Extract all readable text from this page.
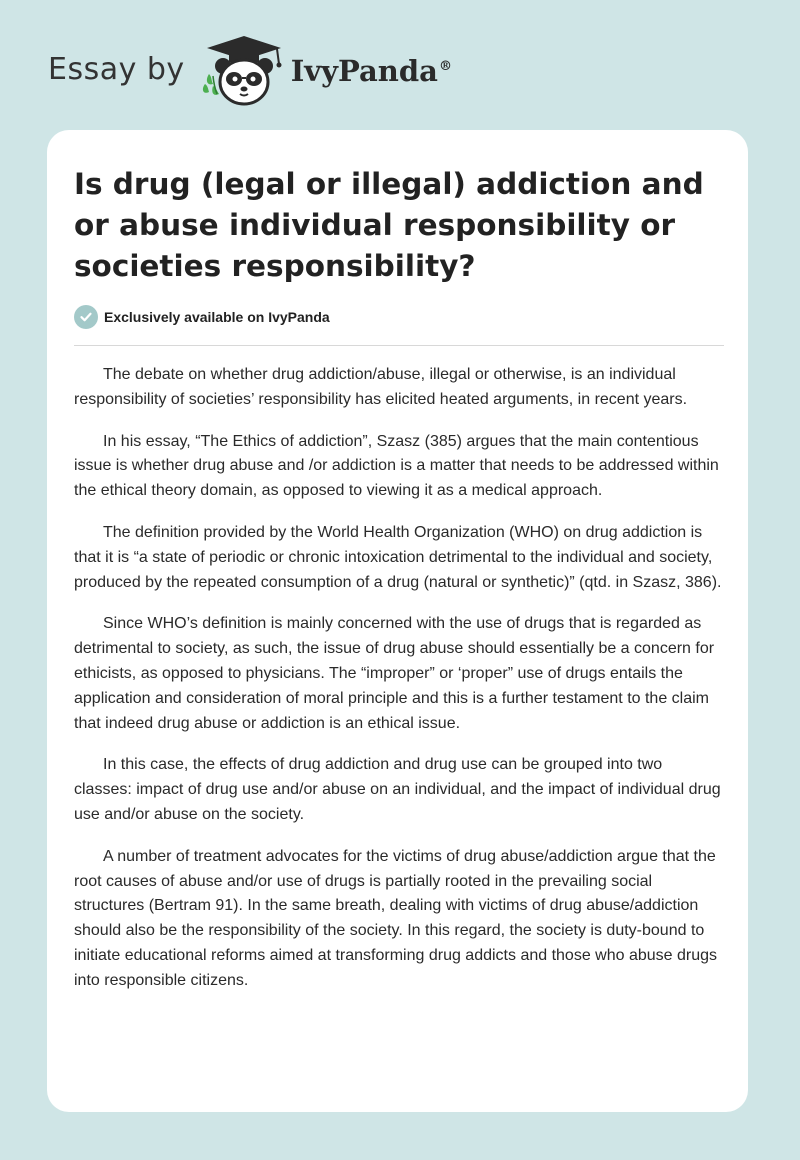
Essay by	IvyPanda®
Is drug (legal or illegal) addiction and or abuse individual responsibility or societies responsibility?
Exclusively available on IvyPanda

The debate on whether drug addiction/abuse, illegal or otherwise, is an individual responsibility of societies’ responsibility has elicited heated arguments, in recent years.

In his essay, “The Ethics of addiction”, Szasz (385) argues that the main contentious issue is whether drug abuse and /or addiction is a matter that needs to be addressed within the ethical theory domain, as opposed to viewing it as a medical approach.

The definition provided by the World Health Organization (WHO) on drug addiction is that it is “a state of periodic or chronic intoxication detrimental to the individual and society, produced by the repeated consumption of a drug (natural or synthetic)” (qtd. in Szasz, 386).

Since WHO’s definition is mainly concerned with the use of drugs that is regarded as detrimental to society, as such, the issue of drug abuse should essentially be a concern for ethicists, as opposed to physicians. The “improper” or ‘proper” use of drugs entails the application and consideration of moral principle and this is a further testament to the claim that indeed drug abuse or addiction is an ethical issue.

In this case, the effects of drug addiction and drug use can be grouped into two classes: impact of drug use and/or abuse on an individual, and the impact of individual drug use and/or abuse on the society.

A number of treatment advocates for the victims of drug abuse/addiction argue that the root causes of abuse and/or use of drugs is partially rooted in the prevailing social structures (Bertram 91). In the same breath, dealing with victims of drug abuse/addiction should also be the responsibility of the society. In this regard, the society is duty-bound to initiate educational reforms aimed at transforming drug addicts and those who abuse drugs into responsible citizens.
